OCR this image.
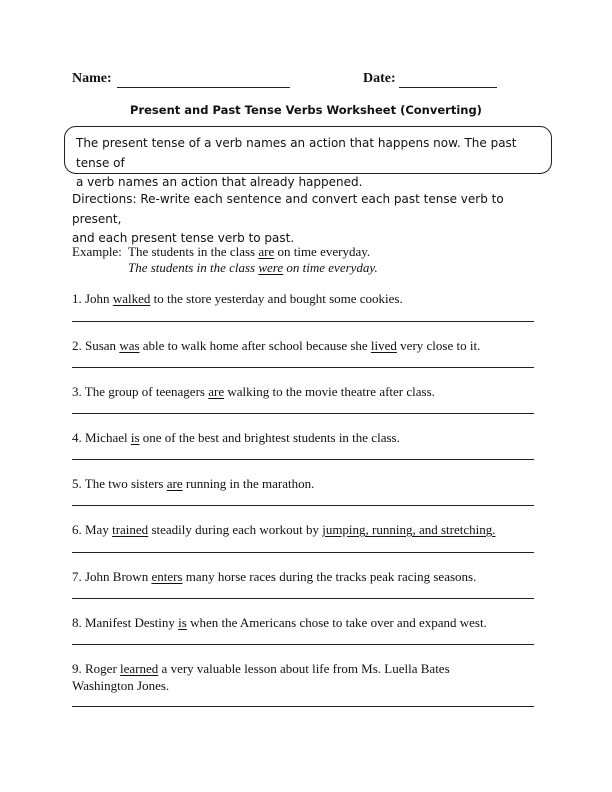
Name:	Date:
Present and Past Tense Verbs Worksheet (Converting)
The present tense of a verb names an action that happens now. The past tense of
a verb names an action that already happened.
Directions: Re-write each sentence and convert each past tense verb to present,
and each present tense verb to past.
Example: The students in the class are on time everyday.
The students in the class were on time everyday.
1. John walked to the store yesterday and bought some cookies.
2. Susan was able to walk home after school because she lived very close to it.
3. The group of teenagers are walking to the movie theatre after class.
4. Michael is one of the best and brightest students in the class.
5. The two sisters are running in the marathon.
6. May trained steadily during each workout by jumping, running, and stretching.
7. John Brown enters many horse races during the tracks peak racing seasons.
8. Manifest Destiny is when the Americans chose to take over and expand west.
9. Roger learned a very valuable lesson about life from Ms. Luella Bates
Washington Jones.
